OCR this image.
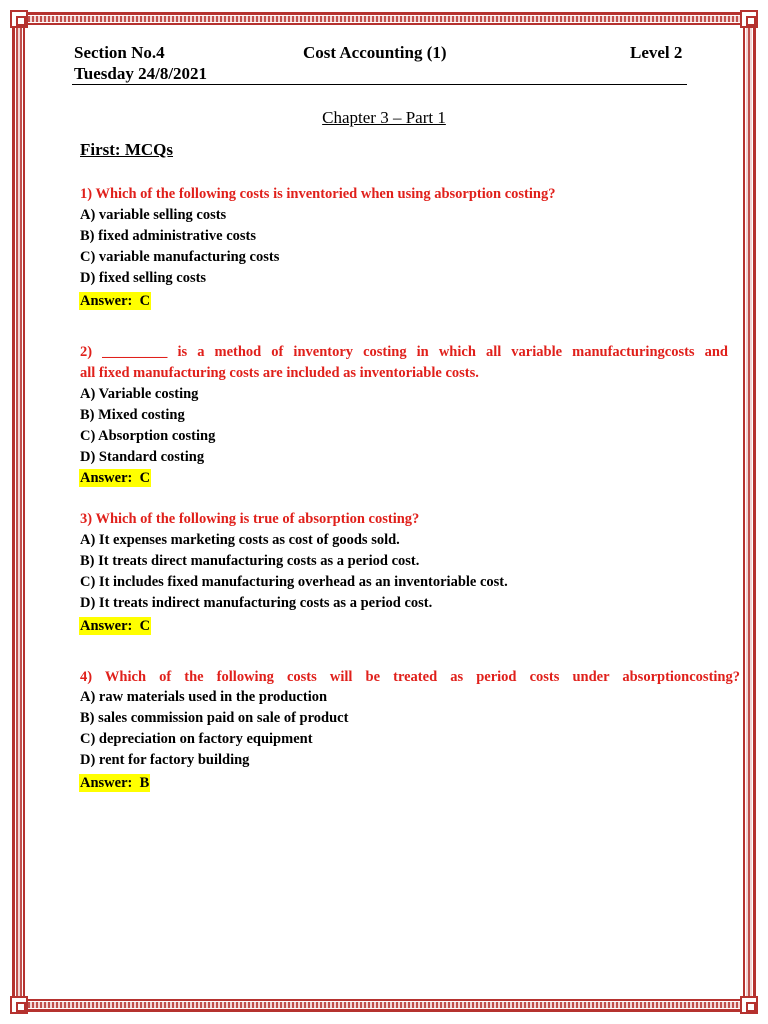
Section No.4	Cost Accounting (1)	Level 2
Tuesday 24/8/2021
Chapter 3 – Part 1
First: MCQs
1) Which of the following costs is inventoried when using absorption costing?
A) variable selling costs
B) fixed administrative costs
C) variable manufacturing costs
D) fixed selling costs
Answer:  C
2) _________ is a method of inventory costing in which all variable manufacturingcosts and
all fixed manufacturing costs are included as inventoriable costs.
A) Variable costing
B) Mixed costing
C) Absorption costing
D) Standard costing
Answer:  C
3) Which of the following is true of absorption costing?
A) It expenses marketing costs as cost of goods sold.
B) It treats direct manufacturing costs as a period cost.
C) It includes fixed manufacturing overhead as an inventoriable cost.
D) It treats indirect manufacturing costs as a period cost.
Answer:  C
4) Which of the following costs will be treated as period costs under absorptioncosting?
A) raw materials used in the production
B) sales commission paid on sale of product
C) depreciation on factory equipment
D) rent for factory building
Answer:  B
